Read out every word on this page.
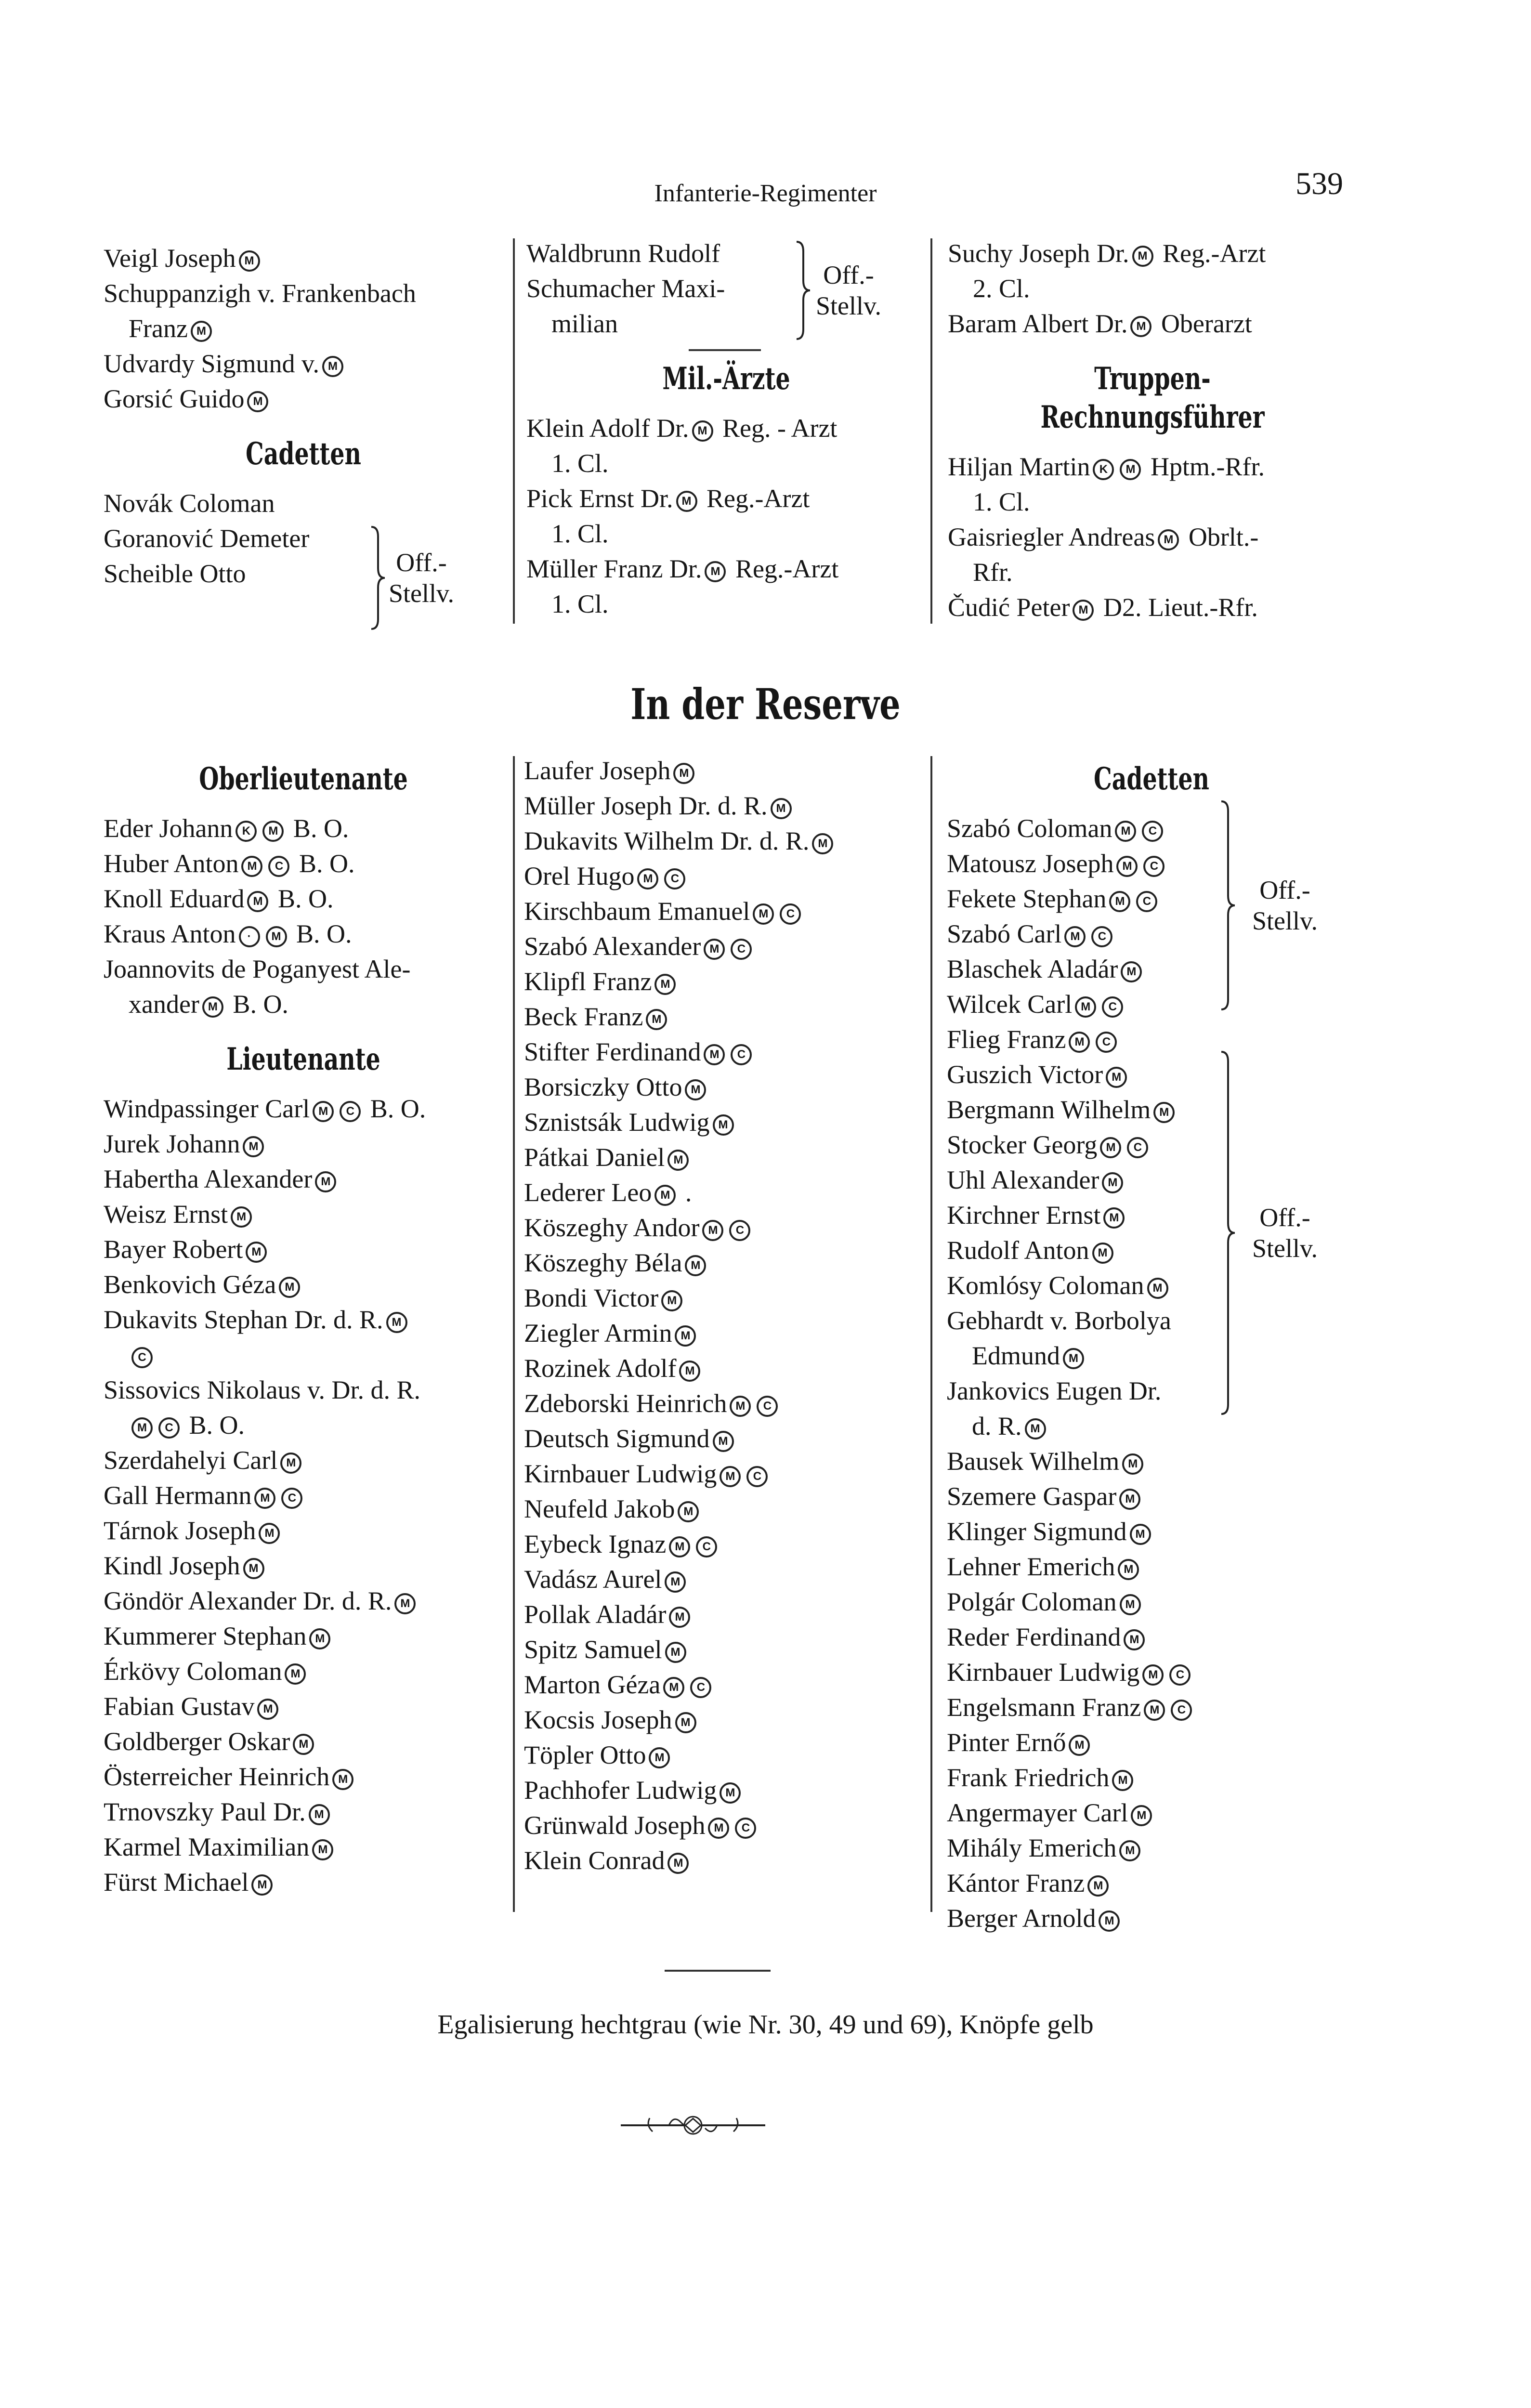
Infanterie-Regimenter	539
Veigl Joseph M
Schuppanzigh v. Frankenbach
Franz M
Udvardy Sigmund v. M
Gorsić Guido M
Cadetten
Novák Coloman
Goranović Demeter
Scheible Otto
Waldbrunn Rudolf
Schumacher Maxi-
milian
Mil.-Ärzte
Klein Adolf Dr. M Reg. - Arzt
1. Cl.
Pick Ernst Dr. M Reg.-Arzt
1. Cl.
Müller Franz Dr. M Reg.-Arzt
1. Cl.
Suchy Joseph Dr. M Reg.-Arzt
2. Cl.
Baram Albert Dr. M Oberarzt
Truppen-Rechnungsführer
Hiljan Martin K M Hptm.-Rfr.
1. Cl.
Gaisriegler Andreas M Obrlt.-
Rfr.
Čudić Peter M D2. Lieut.-Rfr.
In der Reserve
Oberlieutenante
Eder Johann K M B. O.
Huber Anton M C B. O.
Knoll Eduard M B. O.
Kraus Anton · M B. O.
Joannovits de Poganyest Ale-
xander M B. O.
Lieutenante
Windpassinger Carl M C B. O.
Jurek Johann M
Habertha Alexander M
Weisz Ernst M
Bayer Robert M
Benkovich Géza M
Dukavits Stephan Dr. d. R. M
C
Sissovics Nikolaus v. Dr. d. R.
M C B. O.
Szerdahelyi Carl M
Gall Hermann M C
Tárnok Joseph M
Kindl Joseph M
Göndör Alexander Dr. d. R. M
Kummerer Stephan M
Érkövy Coloman M
Fabian Gustav M
Goldberger Oskar M
Österreicher Heinrich M
Trnovszky Paul Dr. M
Karmel Maximilian M
Fürst Michael M
Laufer Joseph M
Müller Joseph Dr. d. R. M
Dukavits Wilhelm Dr. d. R. M
Orel Hugo M C
Kirschbaum Emanuel M C
Szabó Alexander M C
Klipfl Franz M
Beck Franz M
Stifter Ferdinand M C
Borsiczky Otto M
Sznistsák Ludwig M
Pátkai Daniel M
Lederer Leo M .
Köszeghy Andor M C
Köszeghy Béla M
Bondi Victor M
Ziegler Armin M
Rozinek Adolf M
Zdeborski Heinrich M C
Deutsch Sigmund M
Kirnbauer Ludwig M C
Neufeld Jakob M
Eybeck Ignaz M C
Vadász Aurel M
Pollak Aladár M
Spitz Samuel M
Marton Géza M C
Kocsis Joseph M
Töpler Otto M
Pachhofer Ludwig M
Grünwald Joseph M C
Klein Conrad M
Cadetten
Szabó Coloman M C
Matousz Joseph M C
Fekete Stephan M C
Szabó Carl M C
Blaschek Aladár M
Wilcek Carl M C
Flieg Franz M C
Guszich Victor M
Bergmann Wilhelm M
Stocker Georg M C
Uhl Alexander M
Kirchner Ernst M
Rudolf Anton M
Komlósy Coloman M
Gebhardt v. Borbolya
Edmund M
Jankovics Eugen Dr.
d. R. M
Bausek Wilhelm M
Szemere Gaspar M
Klinger Sigmund M
Lehner Emerich M
Polgár Coloman M
Reder Ferdinand M
Kirnbauer Ludwig M C
Engelsmann Franz M C
Pinter Ernő M
Frank Friedrich M
Angermayer Carl M
Mihály Emerich M
Kántor Franz M
Berger Arnold M
Egalisierung hechtgrau (wie Nr. 30, 49 und 69), Knöpfe gelb
Off.-
Stellv.
Off.-
Stellv.
Off.-
Stellv.
Off.-
Stellv.
